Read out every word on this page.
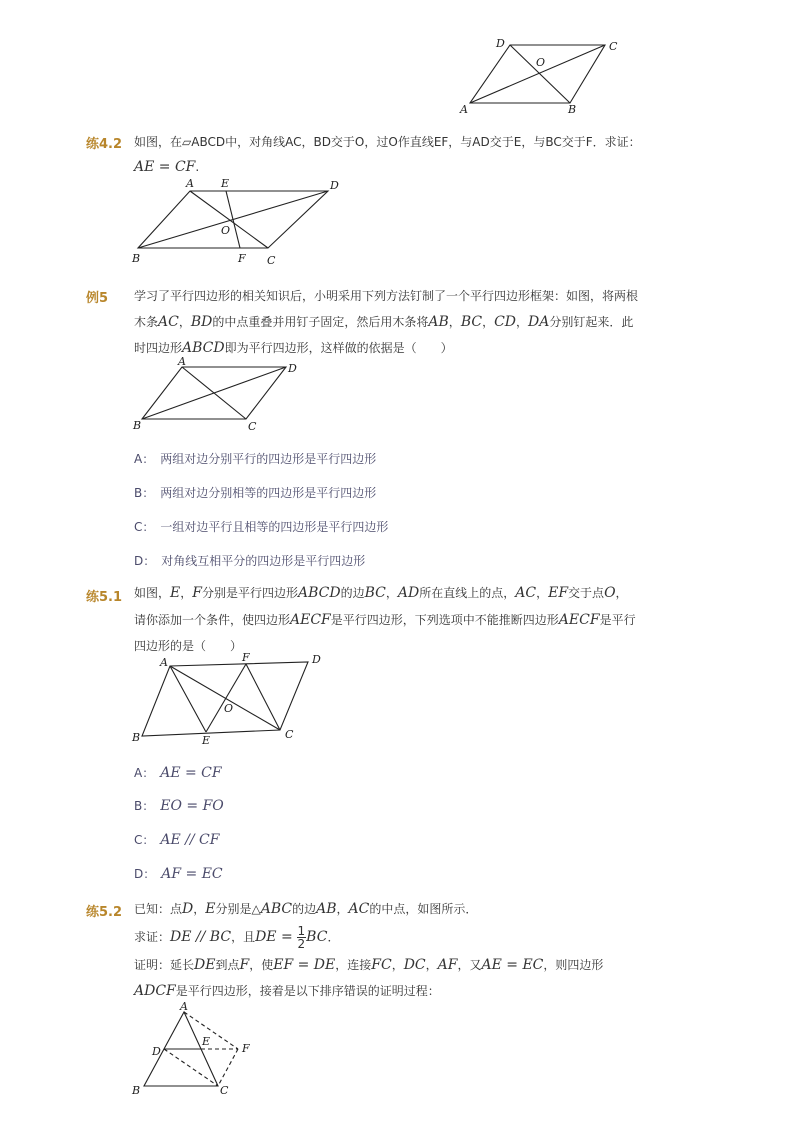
D	C
O
A	B
练4.2 如图，在▱ABCD中，对角线AC，BD交于O，过O作直线EF，与AD交于E，与BC交于F．求证：
AE = CF.
A E	D
O
B	F C
例5 学习了平行四边形的相关知识后，小明采用下列方法钉制了一个平行四边形框架：如图，将两根
木条AC，BD的中点重叠并用钉子固定，然后用木条将AB，BC，CD，DA分别钉起来．此
时四边形ABCD即为平行四边形，这样做的依据是（　　）
A
D
B	C
A： 两组对边分别平行的四边形是平行四边形
B： 两组对边分别相等的四边形是平行四边形
C： 一组对边平行且相等的四边形是平行四边形
D： 对角线互相平分的四边形是平行四边形
练5.1 如图，E，F分别是平行四边形ABCD的边BC，AD所在直线上的点，AC，EF交于点O，
请你添加一个条件，使四边形AECF是平行四边形，下列选项中不能推断四边形AECF是平行
四边形的是（　　）
A	F	D
O
B	E	C
A： AE = CF
B： EO = FO
C： AE // CF
D： AF = EC
练5.2 已知：点D，E分别是△ABC的边AB，AC的中点，如图所示．
求证：DE // BC，且DE = $\frac{1}{2}$ BC．
证明：延长DE到点F，使EF = DE，连接FC，DC，AF，又AE = EC，则四边形
ADCF是平行四边形，接着是以下排序错误的证明过程：
A
D
E
F
B	C
